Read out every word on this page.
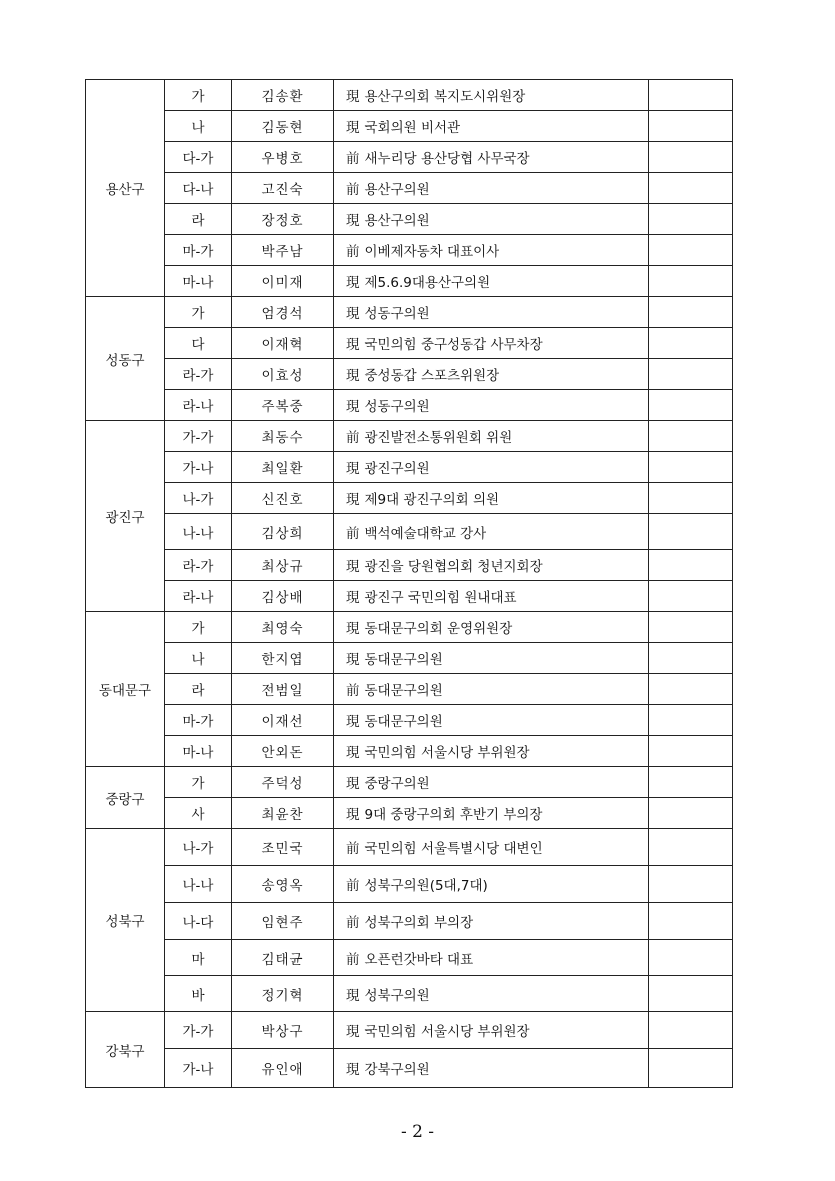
용산구	가	김송환	現 용산구의회 복지도시위원장	
	나	김동현	現 국회의원 비서관	
	다-가	우병호	前 새누리당 용산당협 사무국장	
	다-나	고진숙	前 용산구의원	
	라	장정호	現 용산구의원	
	마-가	박주남	前 이베제자동차 대표이사	
	마-나	이미재	現 제5.6.9대용산구의원	
성동구	가	엄경석	現 성동구의원	
	다	이재혁	現 국민의힘 중구성동갑 사무차장	
	라-가	이효성	現 중성동갑 스포츠위원장	
	라-나	주복중	現 성동구의원	
광진구	가-가	최동수	前 광진발전소통위원회 위원	
	가-나	최일환	現 광진구의원	
	나-가	신진호	現 제9대 광진구의회 의원	
	나-나	김상희	前 백석예술대학교 강사	
	라-가	최상규	現 광진을 당원협의회 청년지회장	
	라-나	김상배	現 광진구 국민의힘 원내대표	
동대문구	가	최영숙	現 동대문구의회 운영위원장	
	나	한지엽	現 동대문구의원	
	라	전범일	前 동대문구의원	
	마-가	이재선	現 동대문구의원	
	마-나	안외돈	現 국민의힘 서울시당 부위원장	
중랑구	가	주덕성	現 중랑구의원	
	사	최윤찬	現 9대 중랑구의회 후반기 부의장	
성북구	나-가	조민국	前 국민의힘 서울특별시당 대변인	
	나-나	송영옥	前 성북구의원(5대,7대)	
	나-다	임현주	前 성북구의회 부의장	
	마	김태균	前 오픈런갓바타 대표	
	바	정기혁	現 성북구의원	
강북구	가-가	박상구	現 국민의힘 서울시당 부위원장	
	가-나	유인애	現 강북구의원	
- 2 -
